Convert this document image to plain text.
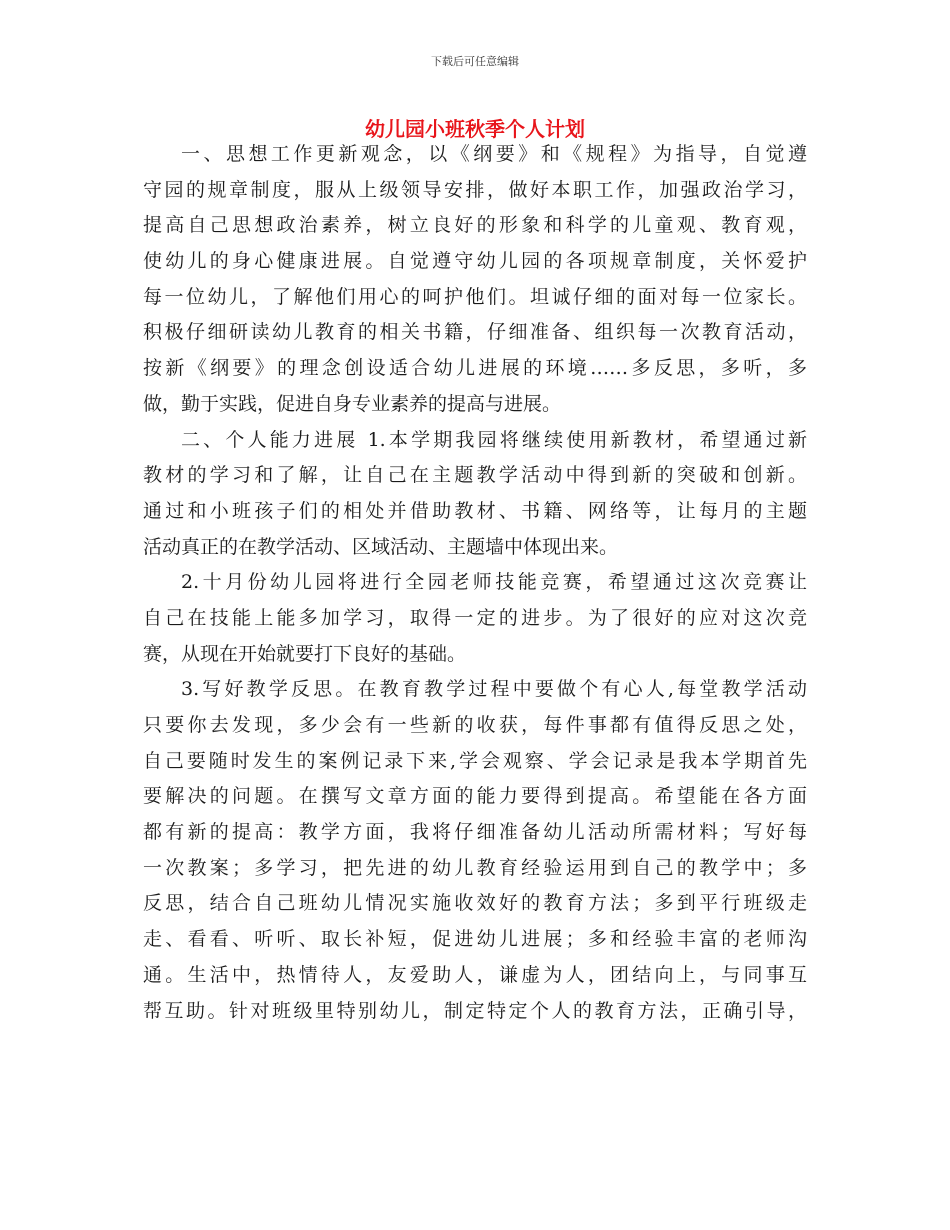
下载后可任意编辑
幼儿园小班秋季个人计划
一、思想工作更新观念，以《纲要》和《规程》为指导，自觉遵
守园的规章制度，服从上级领导安排，做好本职工作，加强政治学习，
提高自己思想政治素养，树立良好的形象和科学的儿童观、教育观，
使幼儿的身心健康进展。自觉遵守幼儿园的各项规章制度，关怀爱护
每一位幼儿，了解他们用心的呵护他们。坦诚仔细的面对每一位家长。
积极仔细研读幼儿教育的相关书籍，仔细准备、组织每一次教育活动，
按新《纲要》的理念创设适合幼儿进展的环境……多反思，多听，多
做，勤于实践，促进自身专业素养的提高与进展。
二、个人能力进展 1.本学期我园将继续使用新教材，希望通过新
教材的学习和了解，让自己在主题教学活动中得到新的突破和创新。
通过和小班孩子们的相处并借助教材、书籍、网络等，让每月的主题
活动真正的在教学活动、区域活动、主题墙中体现出来。
2.十月份幼儿园将进行全园老师技能竞赛，希望通过这次竞赛让
自己在技能上能多加学习，取得一定的进步。为了很好的应对这次竞
赛，从现在开始就要打下良好的基础。
3.写好教学反思。在教育教学过程中要做个有心人,每堂教学活动
只要你去发现，多少会有一些新的收获，每件事都有值得反思之处，
自己要随时发生的案例记录下来,学会观察、学会记录是我本学期首先
要解决的问题。在撰写文章方面的能力要得到提高。希望能在各方面
都有新的提高：教学方面，我将仔细准备幼儿活动所需材料；写好每
一次教案；多学习，把先进的幼儿教育经验运用到自己的教学中；多
反思，结合自己班幼儿情况实施收效好的教育方法；多到平行班级走
走、看看、听听、取长补短，促进幼儿进展；多和经验丰富的老师沟
通。生活中，热情待人，友爱助人，谦虚为人，团结向上，与同事互
帮互助。针对班级里特别幼儿，制定特定个人的教育方法，正确引导，
